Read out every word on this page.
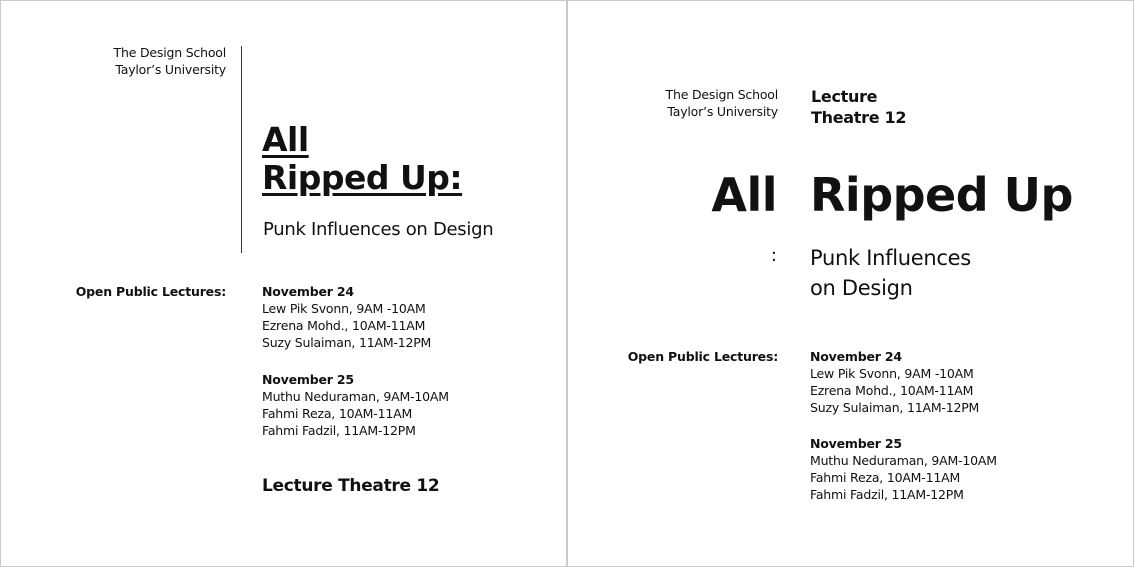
The Design School
Taylor’s University
All
Ripped Up:
Punk Influences on Design
Open Public Lectures:	November 24
Lew Pik Svonn, 9AM -10AM
Ezrena Mohd., 10AM-11AM
Suzy Sulaiman, 11AM-12PM
November 25
Muthu Neduraman, 9AM-10AM
Fahmi Reza, 10AM-11AM
Fahmi Fadzil, 11AM-12PM
Lecture Theatre 12
The Design School
Taylor’s University
Lecture
Theatre 12
All Ripped Up
: Punk Influences
on Design
Open Public Lectures:	November 24
Lew Pik Svonn, 9AM -10AM
Ezrena Mohd., 10AM-11AM
Suzy Sulaiman, 11AM-12PM
November 25
Muthu Neduraman, 9AM-10AM
Fahmi Reza, 10AM-11AM
Fahmi Fadzil, 11AM-12PM
